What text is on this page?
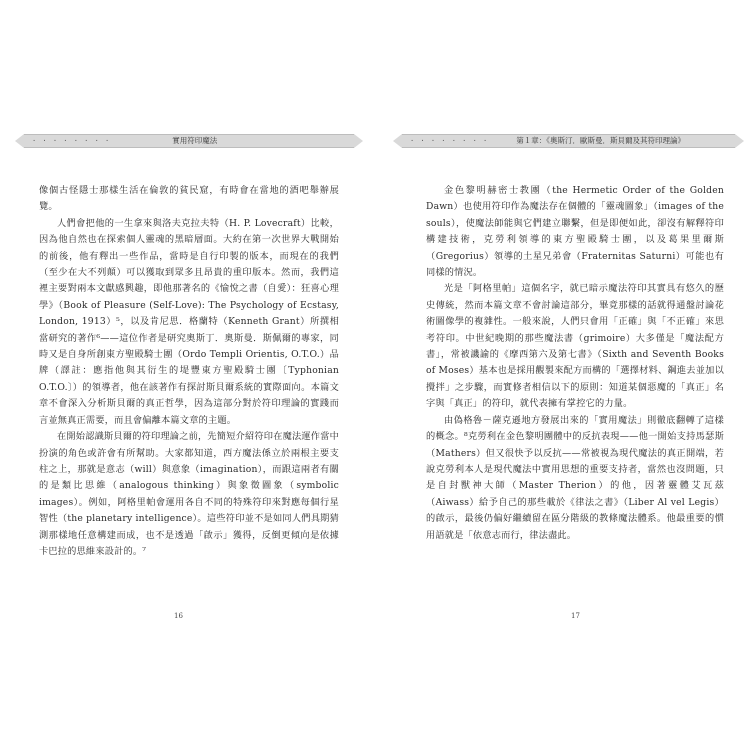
· · · · · · · ·	實用符印魔法

像個古怪隱士那樣生活在倫敦的貧民窟，有時會在當地的酒吧舉辦展覽。

人們會把他的一生拿來與洛夫克拉夫特（H. P. Lovecraft）比較，因為他自然也在探索個人靈魂的黑暗層面。大約在第一次世界大戰開始的前後，他有釋出一些作品，當時是自行印製的版本，而現在的我們（至少在大不列顛）可以獲取到眾多且昂貴的重印版本。然而，我們這裡主要對兩本文獻感興趣，即他那著名的《愉悅之書（自愛）：狂喜心理學》（Book of Pleasure (Self-Love): The Psychology of Ecstasy, London, 1913）⁵，以及肯尼思．格蘭特（Kenneth Grant）所撰相當研究的著作⁶——這位作者是研究奧斯丁．奧斯曼．斯佩爾的專家，同時又是自身所創東方聖殿騎士團（Ordo Templi Orientis, O.T.O.）品牌（譯註：應指他與其衍生的堤豐東方聖殿騎士團〔Typhonian O.T.O.〕）的領導者，他在該著作有探討斯貝爾系統的實際面向。本篇文章不會深入分析斯貝爾的真正哲學，因為這部分對於符印理論的實踐而言並無真正需要，而且會偏離本篇文章的主題。

在開始認識斯貝爾的符印理論之前，先簡短介紹符印在魔法運作當中扮演的角色或許會有所幫助。大家都知道，西方魔法係立於兩根主要支柱之上，那就是意志（will）與意象（imagination），而跟這兩者有關的是類比思維（analogous thinking）與象徵圖象（symbolic images）。例如，阿格里帕會運用各自不同的特殊符印來對應每個行星智性（the planetary intelligence）。這些符印並不是如同人們具期猜測那樣地任意構建而成，也不是透過「啟示」獲得，反倒更傾向是依據卡巴拉的思維來設計的。⁷

16
· · · · · · · ·	第１章：《奧斯汀．歐斯曼．斯貝爾及其符印理論》

金色黎明赫密士教團（the Hermetic Order of the Golden Dawn）也使用符印作為魔法存在個體的「靈魂圖象」（images of the souls），使魔法師能與它們建立聯繫，但是即便如此，卻沒有解釋符印構建技術，克勞利領導的東方聖殿騎士團，以及葛果里爾斯（Gregorius）領導的土星兄弟會（Fraternitas Saturni）可能也有同樣的情況。

光是「阿格里帕」這個名字，就已暗示魔法符印其實具有悠久的歷史傳統，然而本篇文章不會討論這部分，畢竟那樣的話就得通盤討論花術圖像學的複雜性。一般來說，人們只會用「正確」與「不正確」來思考符印。中世紀晚期的那些魔法書（grimoire）大多僅是「魔法配方書」，常被譏諭的《摩西第六及第七書》（Sixth and Seventh Books of Moses）基本也是採用觀製來配方而構的「選擇材料、鋼進去並加以攪拌」之步驟，而實修者相信以下的原則：知道某個惡魔的「真正」名字與「真正」的符印，就代表擁有掌控它的力量。

由偽格魯－薩克遜地方發展出來的「實用魔法」則徹底翻轉了這樣的概念。⁸克勞利在金色黎明團體中的反抗表現——他一開始支持馬瑟斯（Mathers）但又很快予以反抗——常被視為現代魔法的真正開端，若說克勞利本人是現代魔法中實用思想的重要支持者，當然也沒問題，只是自封獸神大師（Master Therion）的他，因著靈體艾瓦茲（Aiwass）給予自己的那些載於《律法之書》（Liber Al vel Legis）的啟示，最後仍偏好繼續留在區分階級的教條魔法體系。他最重要的慣用語就是「依意志而行，律法盡此。

17
